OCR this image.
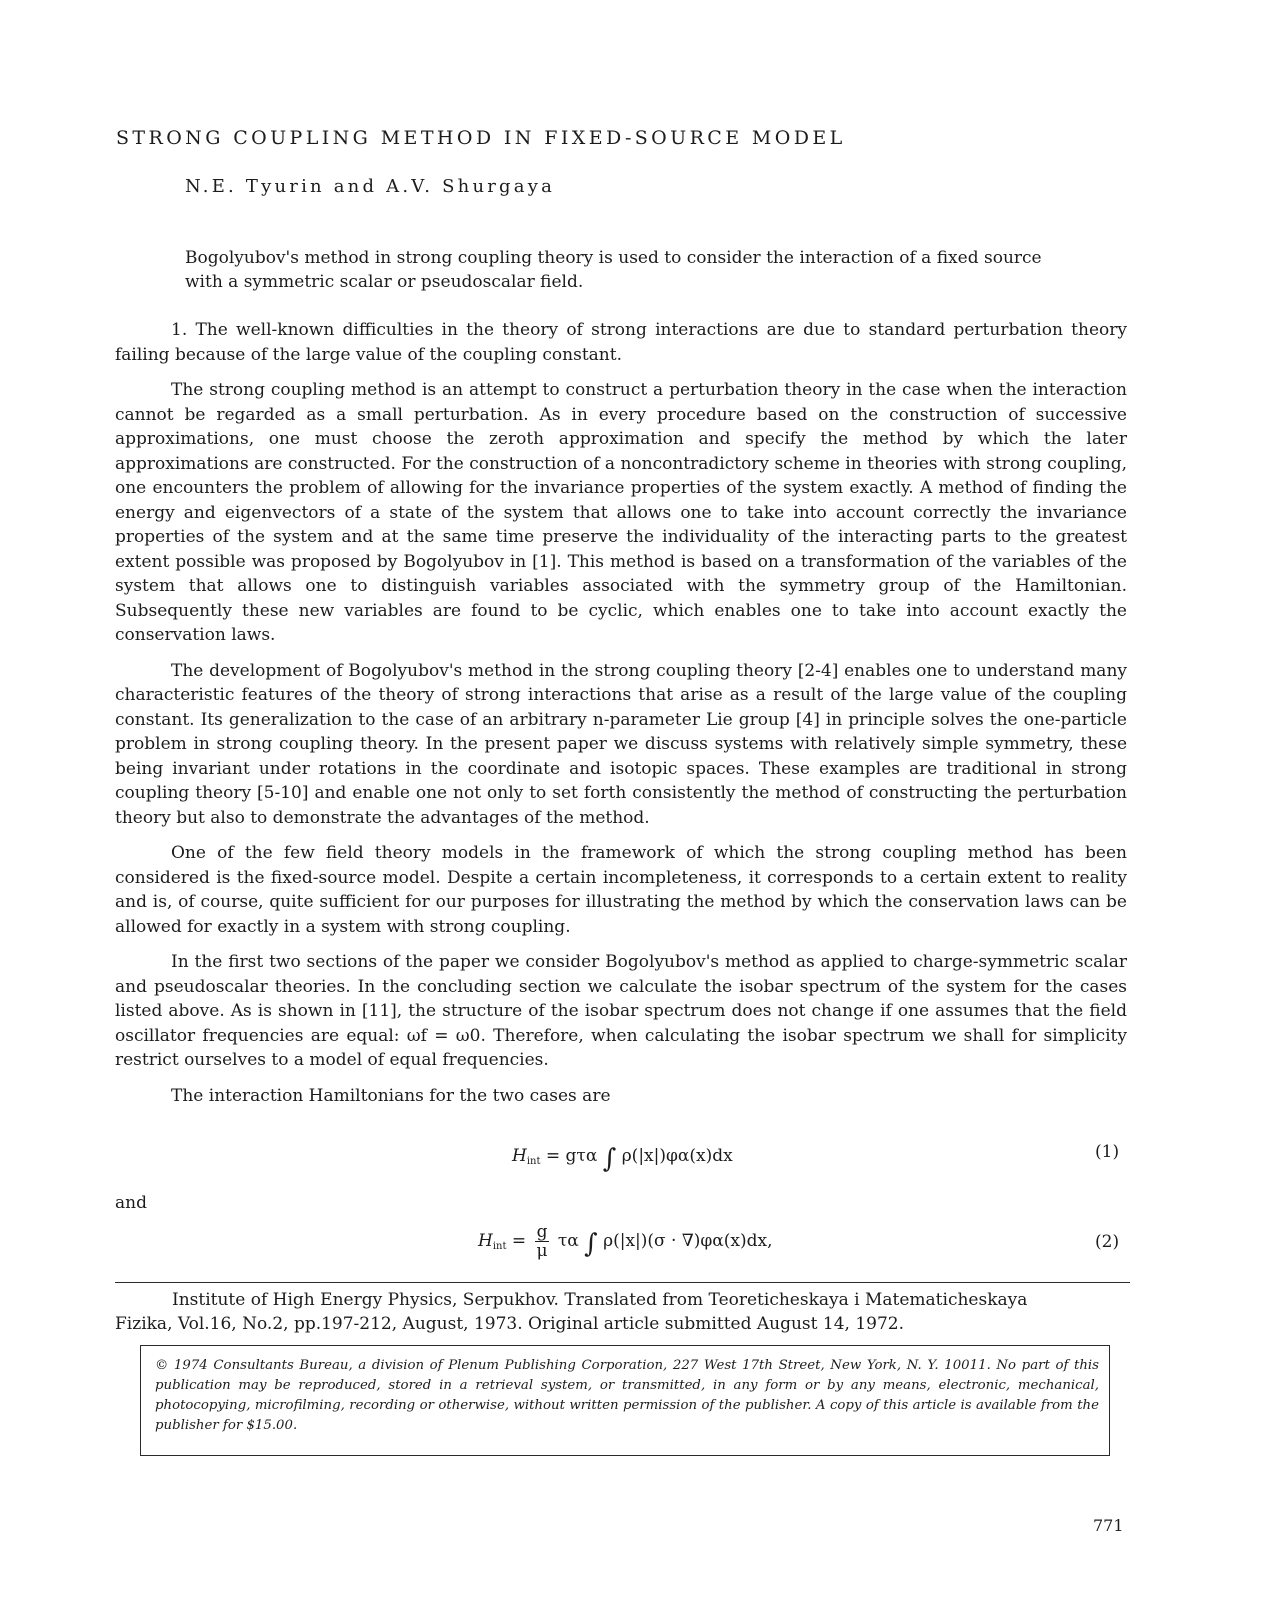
STRONG COUPLING METHOD IN FIXED-SOURCE MODEL
N.E. Tyurin and A.V. Shurgaya
Bogolyubov's method in strong coupling theory is used to consider the interaction of a fixed source with a symmetric scalar or pseudoscalar field.

1. The well-known difficulties in the theory of strong interactions are due to standard perturbation theory failing because of the large value of the coupling constant.

The strong coupling method is an attempt to construct a perturbation theory in the case when the interaction cannot be regarded as a small perturbation. As in every procedure based on the construction of successive approximations, one must choose the zeroth approximation and specify the method by which the later approximations are constructed. For the construction of a noncontradictory scheme in theories with strong coupling, one encounters the problem of allowing for the invariance properties of the system exactly. A method of finding the energy and eigenvectors of a state of the system that allows one to take into account correctly the invariance properties of the system and at the same time preserve the individuality of the interacting parts to the greatest extent possible was proposed by Bogolyubov in [1]. This method is based on a transformation of the variables of the system that allows one to distinguish variables associated with the symmetry group of the Hamiltonian. Subsequently these new variables are found to be cyclic, which enables one to take into account exactly the conservation laws.

The development of Bogolyubov's method in the strong coupling theory [2-4] enables one to understand many characteristic features of the theory of strong interactions that arise as a result of the large value of the coupling constant. Its generalization to the case of an arbitrary n-parameter Lie group [4] in principle solves the one-particle problem in strong coupling theory. In the present paper we discuss systems with relatively simple symmetry, these being invariant under rotations in the coordinate and isotopic spaces. These examples are traditional in strong coupling theory [5-10] and enable one not only to set forth consistently the method of constructing the perturbation theory but also to demonstrate the advantages of the method.

One of the few field theory models in the framework of which the strong coupling method has been considered is the fixed-source model. Despite a certain incompleteness, it corresponds to a certain extent to reality and is, of course, quite sufficient for our purposes for illustrating the method by which the conservation laws can be allowed for exactly in a system with strong coupling.

In the first two sections of the paper we consider Bogolyubov's method as applied to charge-symmetric scalar and pseudoscalar theories. In the concluding section we calculate the isobar spectrum of the system for the cases listed above. As is shown in [11], the structure of the isobar spectrum does not change if one assumes that the field oscillator frequencies are equal: ωf = ω0. Therefore, when calculating the isobar spectrum we shall for simplicity restrict ourselves to a model of equal frequencies.

The interaction Hamiltonians for the two cases are

$H_{int} = g\tau\alpha$ ∫ ρ(|x|)φα(x)dx	(1)
and
$H_{int} = \frac{g}{\mu}$ τα ∫ ρ(|x|)(σ · ∇)φα(x)dx,	(2)
Institute of High Energy Physics, Serpukhov. Translated from Teoreticheskaya i Matematicheskaya
Fizika, Vol.16, No.2, pp.197-212, August, 1973. Original article submitted August 14, 1972.
© 1974 Consultants Bureau, a division of Plenum Publishing Corporation, 227 West 17th Street, New York, N. Y. 10011. No part of this publication may be reproduced, stored in a retrieval system, or transmitted, in any form or by any means, electronic, mechanical, photocopying, microfilming, recording or otherwise, without written permission of the publisher. A copy of this article is available from the publisher for $15.00.
771
